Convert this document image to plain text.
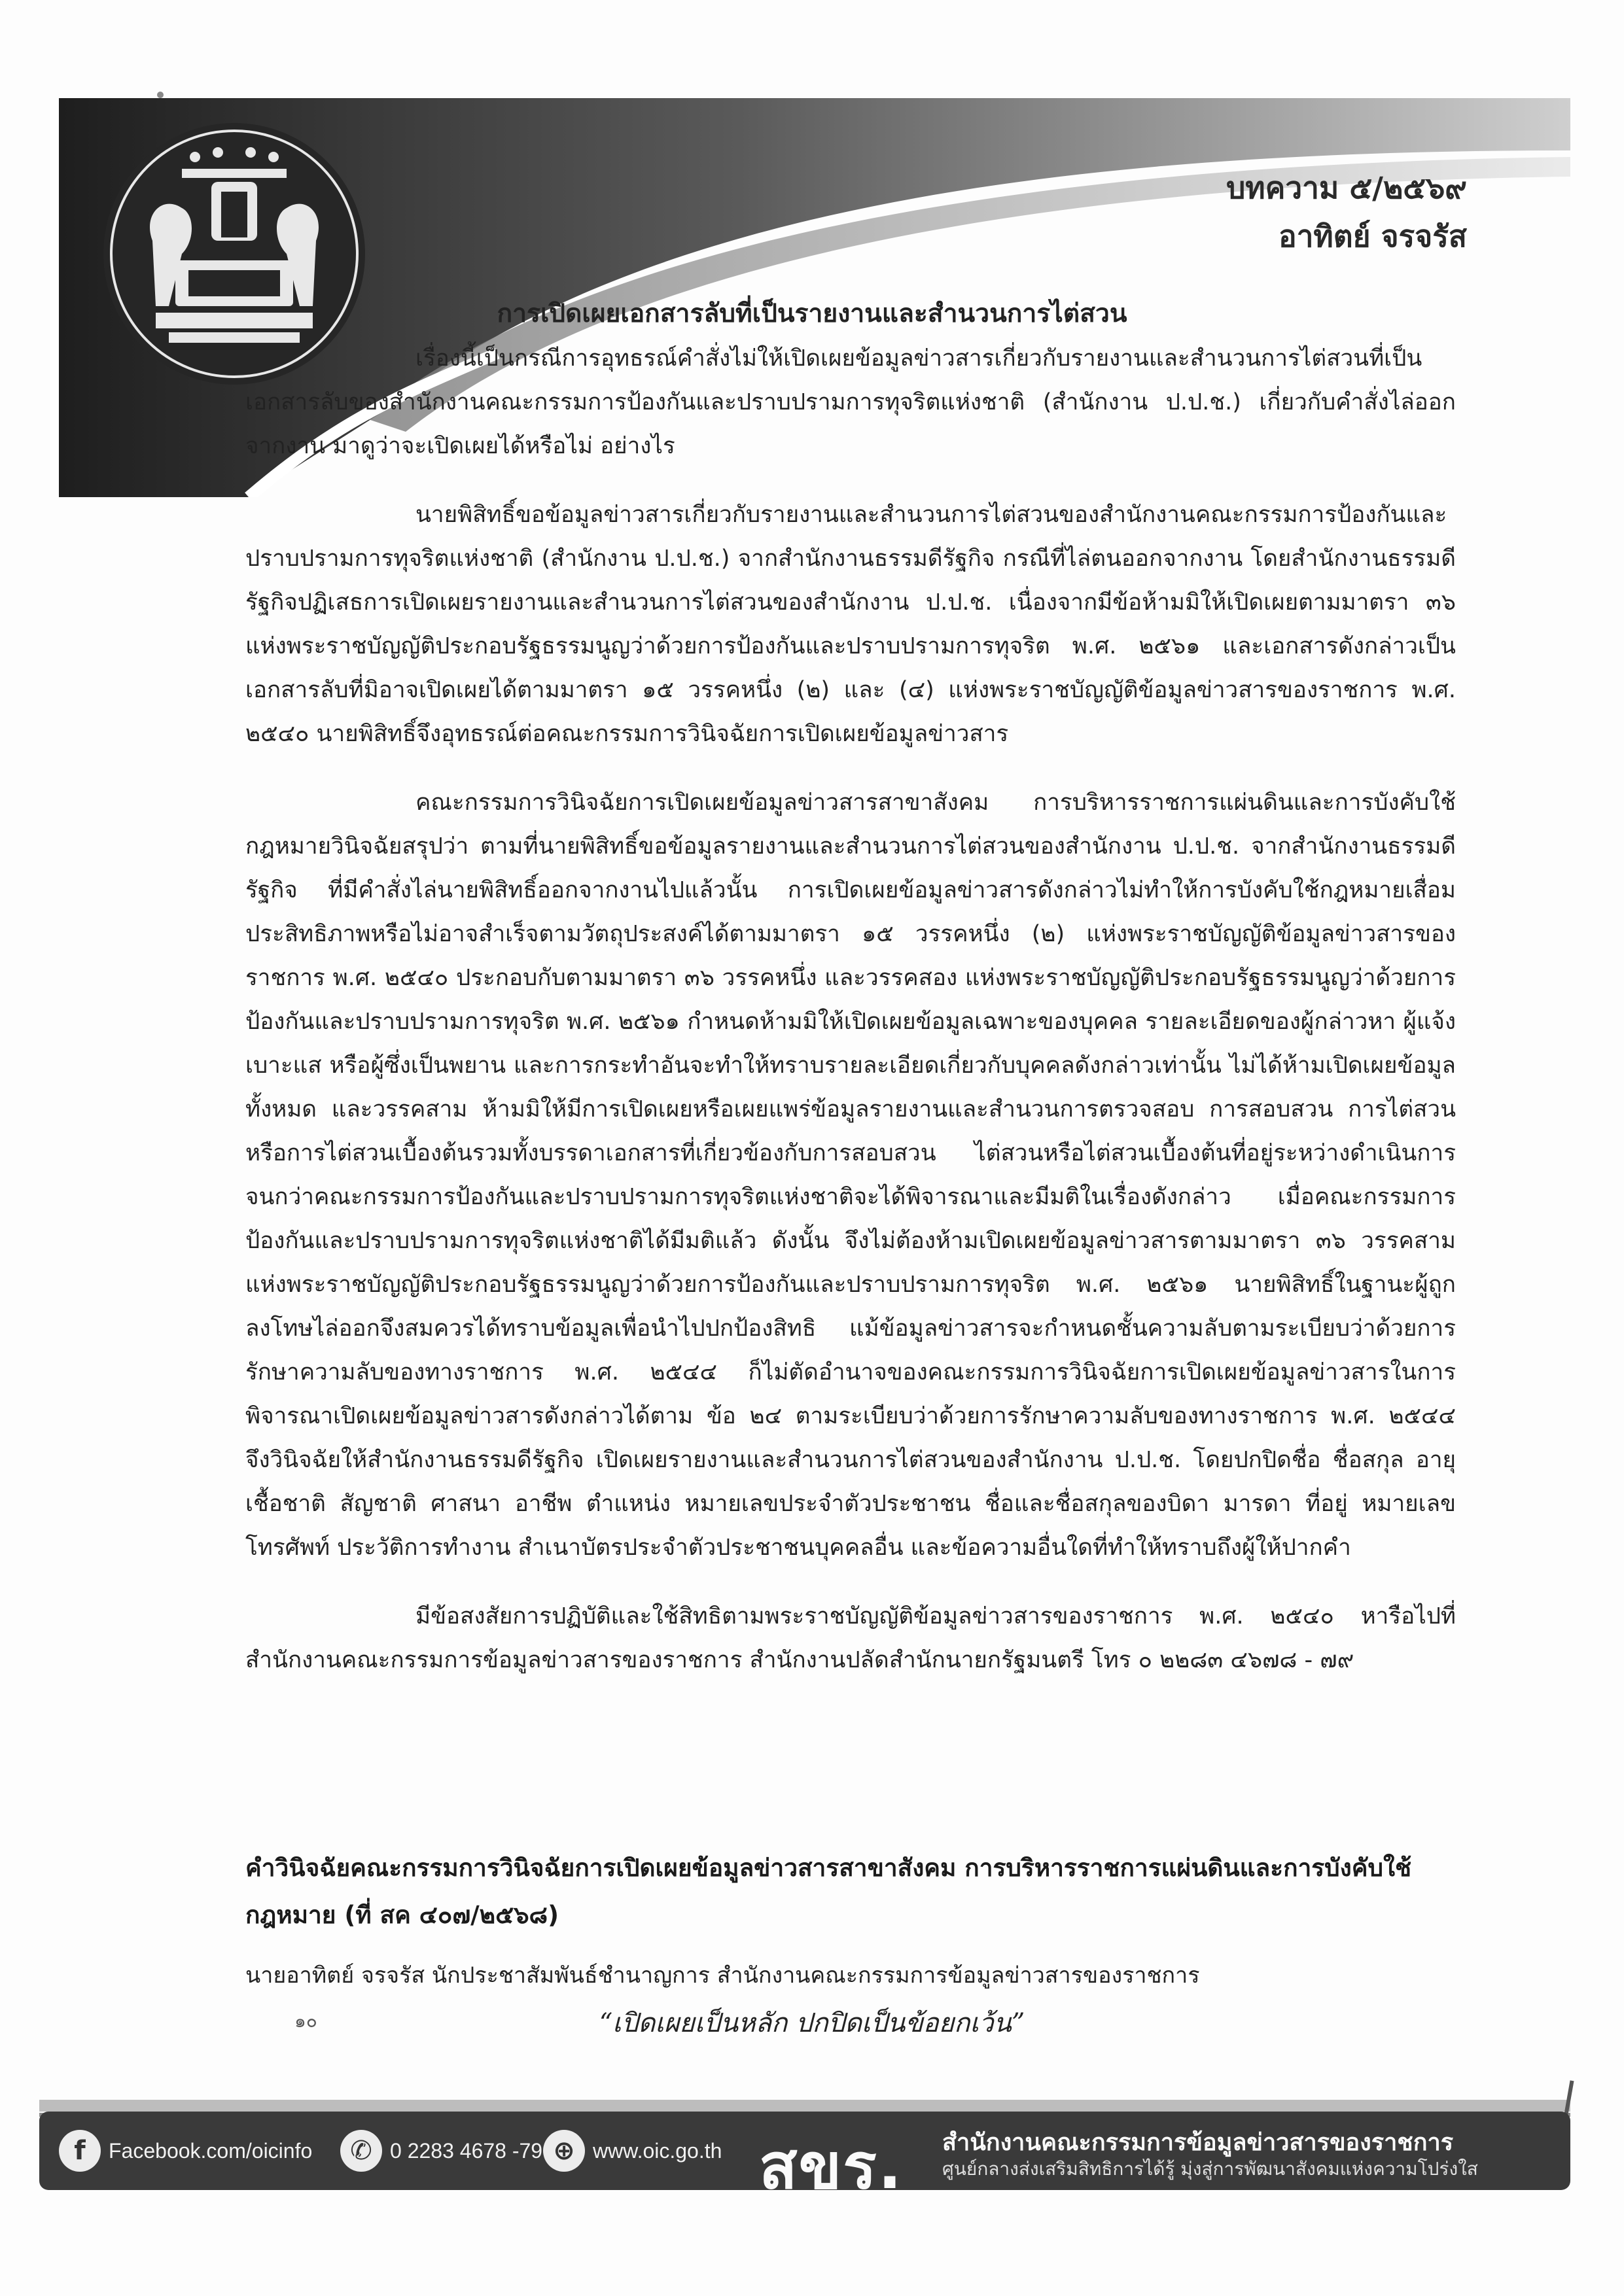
บทความ ๕/๒๕๖๙
อาทิตย์ จรจรัส
การเปิดเผยเอกสารลับที่เป็นรายงานและสำนวนการไต่สวน

เรื่องนี้เป็นกรณีการอุทธรณ์คำสั่งไม่ให้เปิดเผยข้อมูลข่าวสารเกี่ยวกับรายงานและสำนวนการไต่สวนที่เป็นเอกสารลับของสำนักงานคณะกรรมการป้องกันและปราบปรามการทุจริตแห่งชาติ (สำนักงาน ป.ป.ช.) เกี่ยวกับคำสั่งไล่ออกจากงาน มาดูว่าจะเปิดเผยได้หรือไม่ อย่างไร

นายพิสิทธิ์ขอข้อมูลข่าวสารเกี่ยวกับรายงานและสำนวนการไต่สวนของสำนักงานคณะกรรมการป้องกันและปราบปรามการทุจริตแห่งชาติ (สำนักงาน ป.ป.ช.) จากสำนักงานธรรมดีรัฐกิจ กรณีที่ไล่ตนออกจากงาน โดยสำนักงานธรรมดีรัฐกิจปฏิเสธการเปิดเผยรายงานและสำนวนการไต่สวนของสำนักงาน ป.ป.ช. เนื่องจากมีข้อห้ามมิให้เปิดเผยตามมาตรา ๓๖ แห่งพระราชบัญญัติประกอบรัฐธรรมนูญว่าด้วยการป้องกันและปราบปรามการทุจริต พ.ศ. ๒๕๖๑ และเอกสารดังกล่าวเป็นเอกสารลับที่มิอาจเปิดเผยได้ตามมาตรา ๑๕ วรรคหนึ่ง (๒) และ (๔) แห่งพระราชบัญญัติข้อมูลข่าวสารของราชการ พ.ศ. ๒๕๔๐ นายพิสิทธิ์จึงอุทธรณ์ต่อคณะกรรมการวินิจฉัยการเปิดเผยข้อมูลข่าวสาร

คณะกรรมการวินิจฉัยการเปิดเผยข้อมูลข่าวสารสาขาสังคม การบริหารราชการแผ่นดินและการบังคับใช้กฎหมายวินิจฉัยสรุปว่า ตามที่นายพิสิทธิ์ขอข้อมูลรายงานและสำนวนการไต่สวนของสำนักงาน ป.ป.ช. จากสำนักงานธรรมดีรัฐกิจ ที่มีคำสั่งไล่นายพิสิทธิ์ออกจากงานไปแล้วนั้น การเปิดเผยข้อมูลข่าวสารดังกล่าวไม่ทำให้การบังคับใช้กฎหมายเสื่อมประสิทธิภาพหรือไม่อาจสำเร็จตามวัตถุประสงค์ได้ตามมาตรา ๑๕ วรรคหนึ่ง (๒) แห่งพระราชบัญญัติข้อมูลข่าวสารของราชการ พ.ศ. ๒๕๔๐ ประกอบกับตามมาตรา ๓๖ วรรคหนึ่ง และวรรคสอง แห่งพระราชบัญญัติประกอบรัฐธรรมนูญว่าด้วยการป้องกันและปราบปรามการทุจริต พ.ศ. ๒๕๖๑ กำหนดห้ามมิให้เปิดเผยข้อมูลเฉพาะของบุคคล รายละเอียดของผู้กล่าวหา ผู้แจ้งเบาะแส หรือผู้ซึ่งเป็นพยาน และการกระทำอันจะทำให้ทราบรายละเอียดเกี่ยวกับบุคคลดังกล่าวเท่านั้น ไม่ได้ห้ามเปิดเผยข้อมูลทั้งหมด และวรรคสาม ห้ามมิให้มีการเปิดเผยหรือเผยแพร่ข้อมูลรายงานและสำนวนการตรวจสอบ การสอบสวน การไต่สวน หรือการไต่สวนเบื้องต้นรวมทั้งบรรดาเอกสารที่เกี่ยวข้องกับการสอบสวน ไต่สวนหรือไต่สวนเบื้องต้นที่อยู่ระหว่างดำเนินการ จนกว่าคณะกรรมการป้องกันและปราบปรามการทุจริตแห่งชาติจะได้พิจารณาและมีมติในเรื่องดังกล่าว เมื่อคณะกรรมการป้องกันและปราบปรามการทุจริตแห่งชาติได้มีมติแล้ว ดังนั้น จึงไม่ต้องห้ามเปิดเผยข้อมูลข่าวสารตามมาตรา ๓๖ วรรคสาม แห่งพระราชบัญญัติประกอบรัฐธรรมนูญว่าด้วยการป้องกันและปราบปรามการทุจริต พ.ศ. ๒๕๖๑ นายพิสิทธิ์ในฐานะผู้ถูกลงโทษไล่ออกจึงสมควรได้ทราบข้อมูลเพื่อนำไปปกป้องสิทธิ แม้ข้อมูลข่าวสารจะกำหนดชั้นความลับตามระเบียบว่าด้วยการรักษาความลับของทางราชการ พ.ศ. ๒๕๔๔ ก็ไม่ตัดอำนาจของคณะกรรมการวินิจฉัยการเปิดเผยข้อมูลข่าวสารในการพิจารณาเปิดเผยข้อมูลข่าวสารดังกล่าวได้ตาม ข้อ ๒๔ ตามระเบียบว่าด้วยการรักษาความลับของทางราชการ พ.ศ. ๒๕๔๔ จึงวินิจฉัยให้สำนักงานธรรมดีรัฐกิจ เปิดเผยรายงานและสำนวนการไต่สวนของสำนักงาน ป.ป.ช. โดยปกปิดชื่อ ชื่อสกุล อายุ เชื้อชาติ สัญชาติ ศาสนา อาชีพ ตำแหน่ง หมายเลขประจำตัวประชาชน ชื่อและชื่อสกุลของบิดา มารดา ที่อยู่ หมายเลขโทรศัพท์ ประวัติการทำงาน สำเนาบัตรประจำตัวประชาชนบุคคลอื่น และข้อความอื่นใดที่ทำให้ทราบถึงผู้ให้ปากคำ

มีข้อสงสัยการปฏิบัติและใช้สิทธิตามพระราชบัญญัติข้อมูลข่าวสารของราชการ พ.ศ. ๒๕๔๐ หารือไปที่ สำนักงานคณะกรรมการข้อมูลข่าวสารของราชการ สำนักงานปลัดสำนักนายกรัฐมนตรี โทร ๐ ๒๒๘๓ ๔๖๗๘ - ๗๙

คำวินิจฉัยคณะกรรมการวินิจฉัยการเปิดเผยข้อมูลข่าวสารสาขาสังคม การบริหารราชการแผ่นดินและการบังคับใช้กฎหมาย (ที่ สค ๔๐๗/๒๕๖๘)
นายอาทิตย์ จรจรัส นักประชาสัมพันธ์ชำนาญการ สำนักงานคณะกรรมการข้อมูลข่าวสารของราชการ
๑๐	“เปิดเผยเป็นหลัก ปกปิดเป็นข้อยกเว้น”
f	Facebook.com/oicinfo	✆ 0 2283 4678 -79 ⊕ www.oic.go.th สขร. สำนักงานคณะกรรมการข้อมูลข่าวสารของราชการ
ศูนย์กลางส่งเสริมสิทธิการได้รู้ มุ่งสู่การพัฒนาสังคมแห่งความโปร่งใส
